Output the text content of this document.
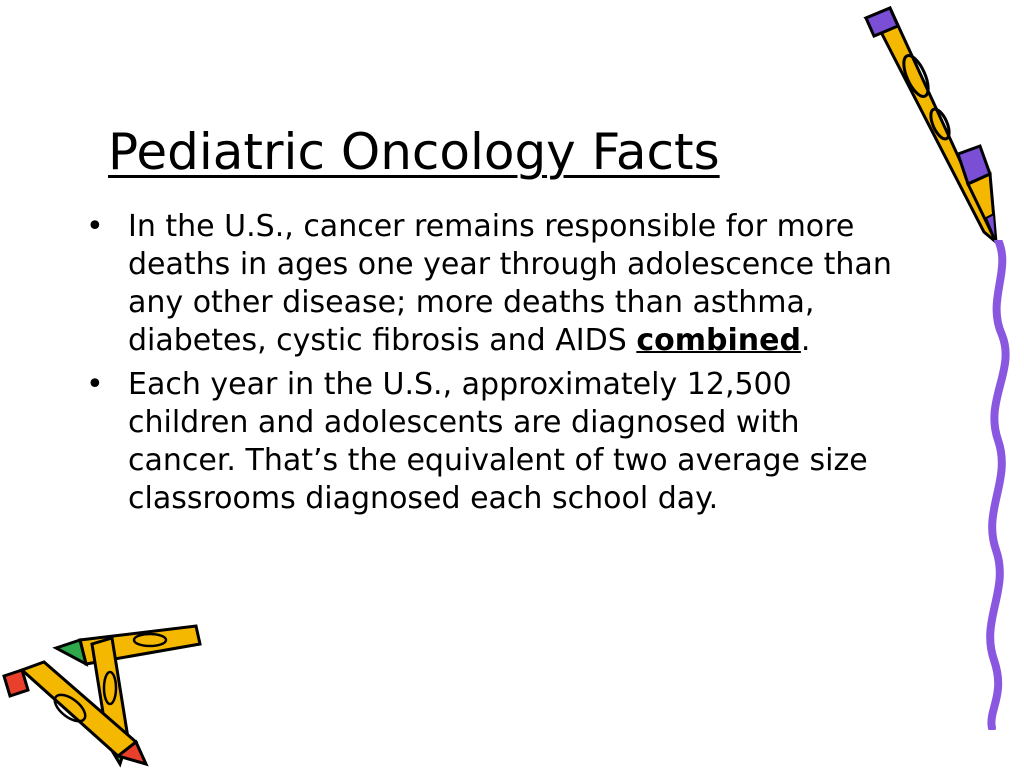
Pediatric Oncology Facts
• In the U.S., cancer remains responsible for more deaths in ages one year through adolescence than any other disease; more deaths than asthma, diabetes, cystic fibrosis and AIDS combined.
• Each year in the U.S., approximately 12,500 children and adolescents are diagnosed with cancer. That’s the equivalent of two average size classrooms diagnosed each school day.
